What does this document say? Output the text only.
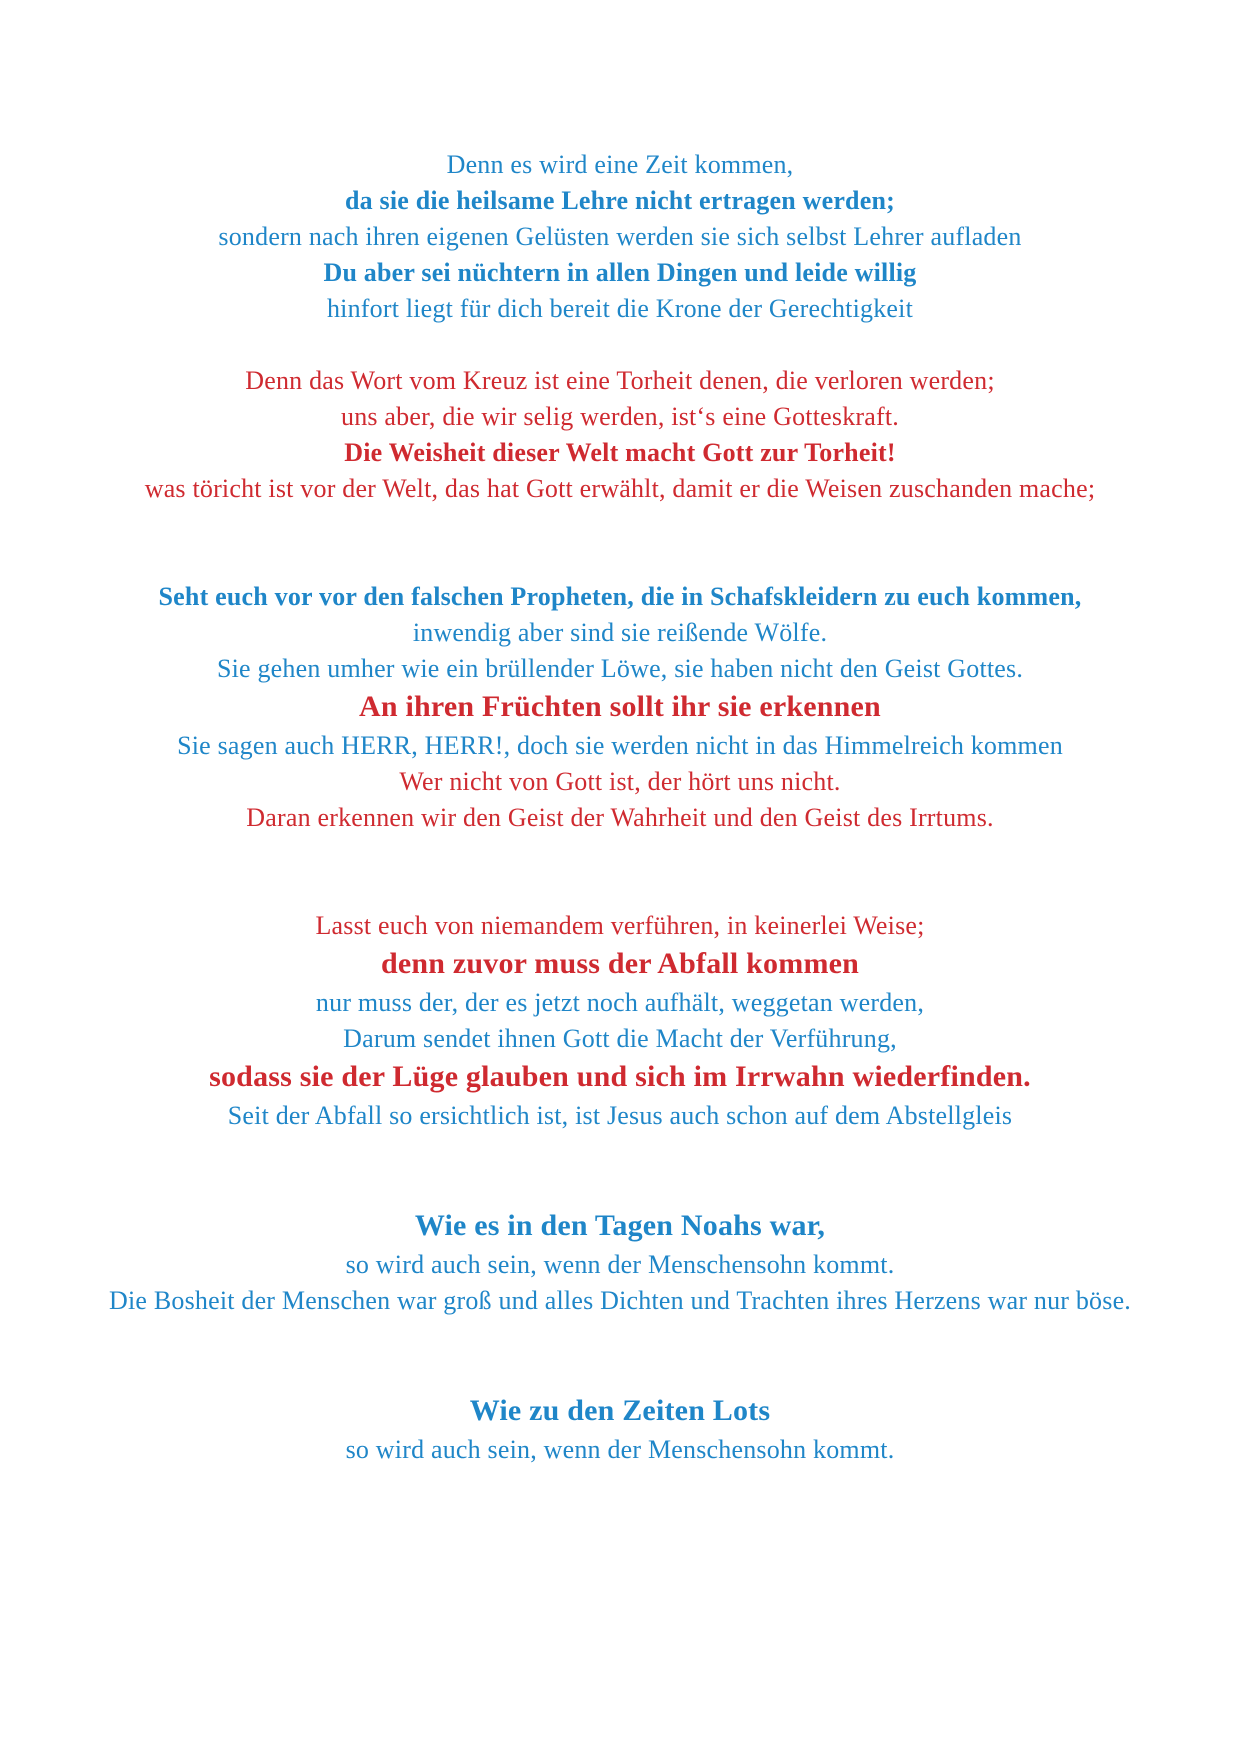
Denn es wird eine Zeit kommen,
da sie die heilsame Lehre nicht ertragen werden;
sondern nach ihren eigenen Gelüsten werden sie sich selbst Lehrer aufladen
Du aber sei nüchtern in allen Dingen und leide willig
hinfort liegt für dich bereit die Krone der Gerechtigkeit
Denn das Wort vom Kreuz ist eine Torheit denen, die verloren werden;
uns aber, die wir selig werden, ist‘s eine Gotteskraft.
Die Weisheit dieser Welt macht Gott zur Torheit!
was töricht ist vor der Welt, das hat Gott erwählt, damit er die Weisen zuschanden mache;
Seht euch vor vor den falschen Propheten, die in Schafskleidern zu euch kommen,
inwendig aber sind sie reißende Wölfe.
Sie gehen umher wie ein brüllender Löwe, sie haben nicht den Geist Gottes.
An ihren Früchten sollt ihr sie erkennen
Sie sagen auch HERR, HERR!, doch sie werden nicht in das Himmelreich kommen
Wer nicht von Gott ist, der hört uns nicht.
Daran erkennen wir den Geist der Wahrheit und den Geist des Irrtums.
Lasst euch von niemandem verführen, in keinerlei Weise;
denn zuvor muss der Abfall kommen
nur muss der, der es jetzt noch aufhält, weggetan werden,
Darum sendet ihnen Gott die Macht der Verführung,
sodass sie der Lüge glauben und sich im Irrwahn wiederfinden.
Seit der Abfall so ersichtlich ist, ist Jesus auch schon auf dem Abstellgleis
Wie es in den Tagen Noahs war,
so wird auch sein, wenn der Menschensohn kommt.
Die Bosheit der Menschen war groß und alles Dichten und Trachten ihres Herzens war nur böse.
Wie zu den Zeiten Lots
so wird auch sein, wenn der Menschensohn kommt.
